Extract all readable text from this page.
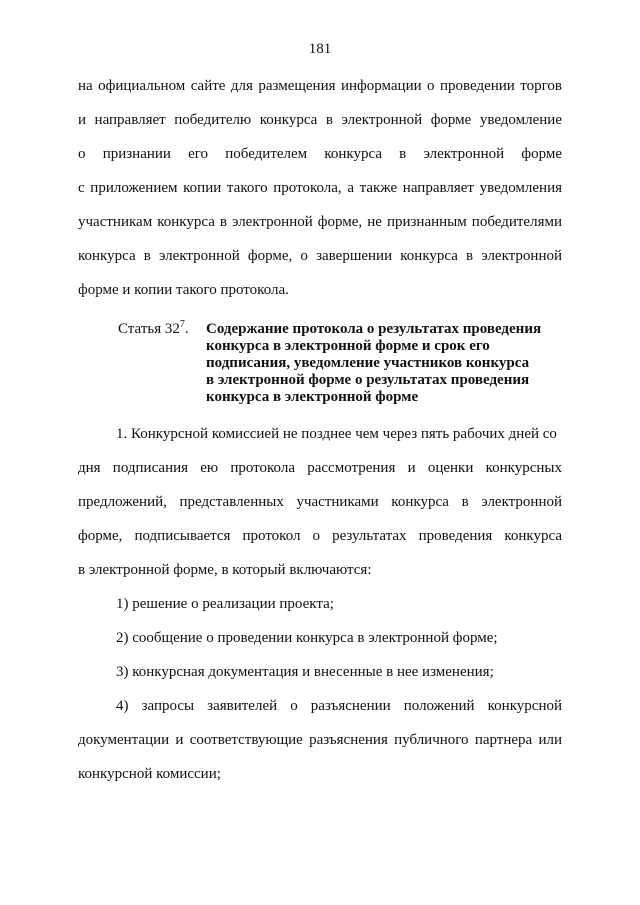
181
на официальном сайте для размещения информации о проведении торгов
и направляет победителю конкурса в электронной форме уведомление
о признании его победителем конкурса в электронной форме
с приложением копии такого протокола, а также направляет уведомления
участникам конкурса в электронной форме, не признанным победителями
конкурса в электронной форме, о завершении конкурса в электронной
форме и копии такого протокола.
Статья $32^7$. Содержание протокола о результатах проведения
конкурса в электронной форме и срок его
подписания, уведомление участников конкурса
в электронной форме о результатах проведения
конкурса в электронной форме
1. Конкурсной комиссией не позднее чем через пять рабочих дней со
дня подписания ею протокола рассмотрения и оценки конкурсных
предложений, представленных участниками конкурса в электронной
форме, подписывается протокол о результатах проведения конкурса
в электронной форме, в который включаются:
1) решение о реализации проекта;
2) сообщение о проведении конкурса в электронной форме;
3) конкурсная документация и внесенные в нее изменения;
4) запросы заявителей о разъяснении положений конкурсной
документации и соответствующие разъяснения публичного партнера или
конкурсной комиссии;
